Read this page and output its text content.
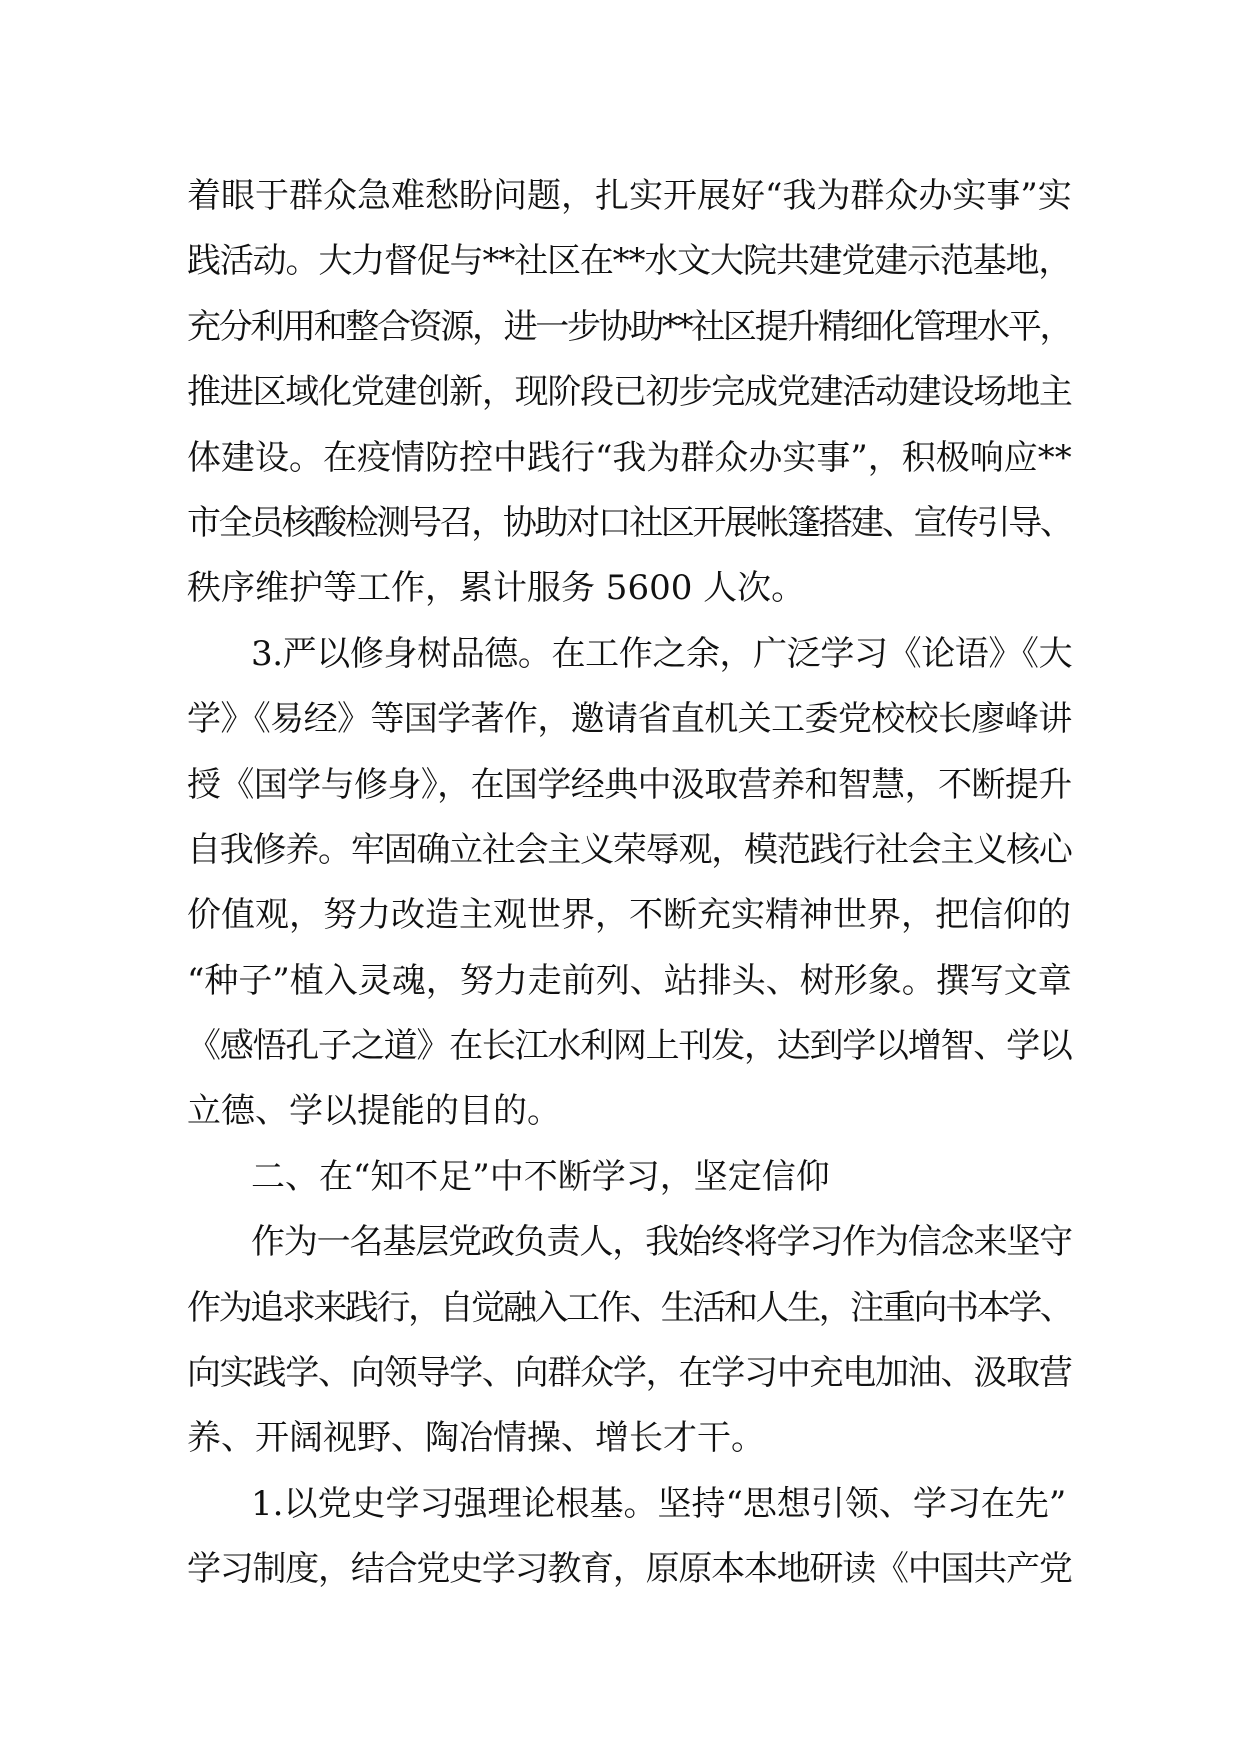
着眼于群众急难愁盼问题，扎实开展好“我为群众办实事”实
践活动。大力督促与**社区在**水文大院共建党建示范基地，
充分利用和整合资源，进一步协助**社区提升精细化管理水平，
推进区域化党建创新，现阶段已初步完成党建活动建设场地主
体建设。在疫情防控中践行“我为群众办实事”，积极响应**
市全员核酸检测号召，协助对口社区开展帐篷搭建、宣传引导、
秩序维护等工作，累计服务 5600 人次。
3.严以修身树品德。在工作之余，广泛学习《论语》《大
学》《易经》等国学著作，邀请省直机关工委党校校长廖峰讲
授《国学与修身》，在国学经典中汲取营养和智慧，不断提升
自我修养。牢固确立社会主义荣辱观，模范践行社会主义核心
价值观，努力改造主观世界，不断充实精神世界，把信仰的
“种子”植入灵魂，努力走前列、站排头、树形象。撰写文章
《感悟孔子之道》在长江水利网上刊发，达到学以增智、学以
立德、学以提能的目的。
二、在“知不足”中不断学习，坚定信仰
作为一名基层党政负责人，我始终将学习作为信念来坚守
作为追求来践行，自觉融入工作、生活和人生，注重向书本学、
向实践学、向领导学、向群众学，在学习中充电加油、汲取营
养、开阔视野、陶冶情操、增长才干。
1.以党史学习强理论根基。坚持“思想引领、学习在先”
学习制度，结合党史学习教育，原原本本地研读《中国共产党
